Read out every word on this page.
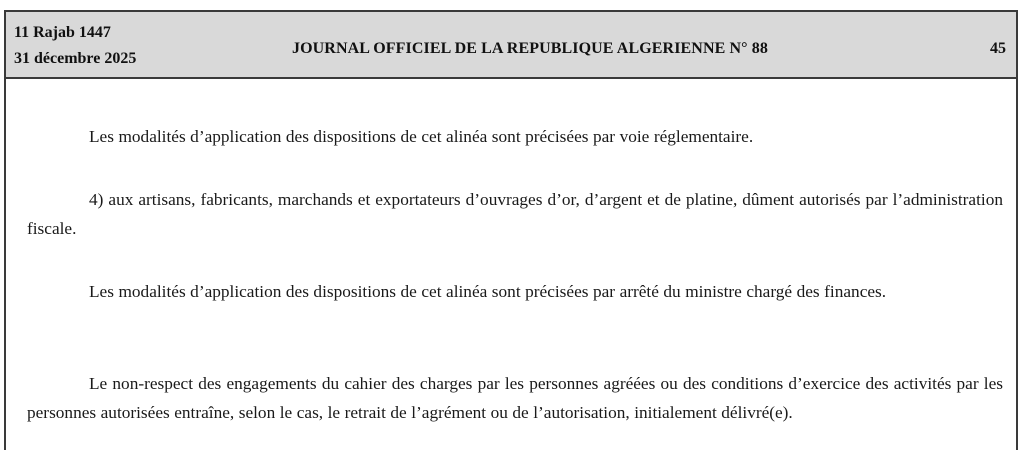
11 Rajab 1447
31 décembre 2025
JOURNAL OFFICIEL DE LA REPUBLIQUE ALGERIENNE N° 88	45

Les modalités d’application des dispositions de cet alinéa sont précisées par voie réglementaire.

4) aux artisans, fabricants, marchands et exportateurs d’ouvrages d’or, d’argent et de platine, dûment autorisés par l’administration fiscale.

Les modalités d’application des dispositions de cet alinéa sont précisées par arrêté du ministre chargé des finances.

Le non-respect des engagements du cahier des charges par les personnes agréées ou des conditions d’exercice des activités par les personnes autorisées entraîne, selon le cas, le retrait de l’agrément ou de l’autorisation, initialement délivré(e).
